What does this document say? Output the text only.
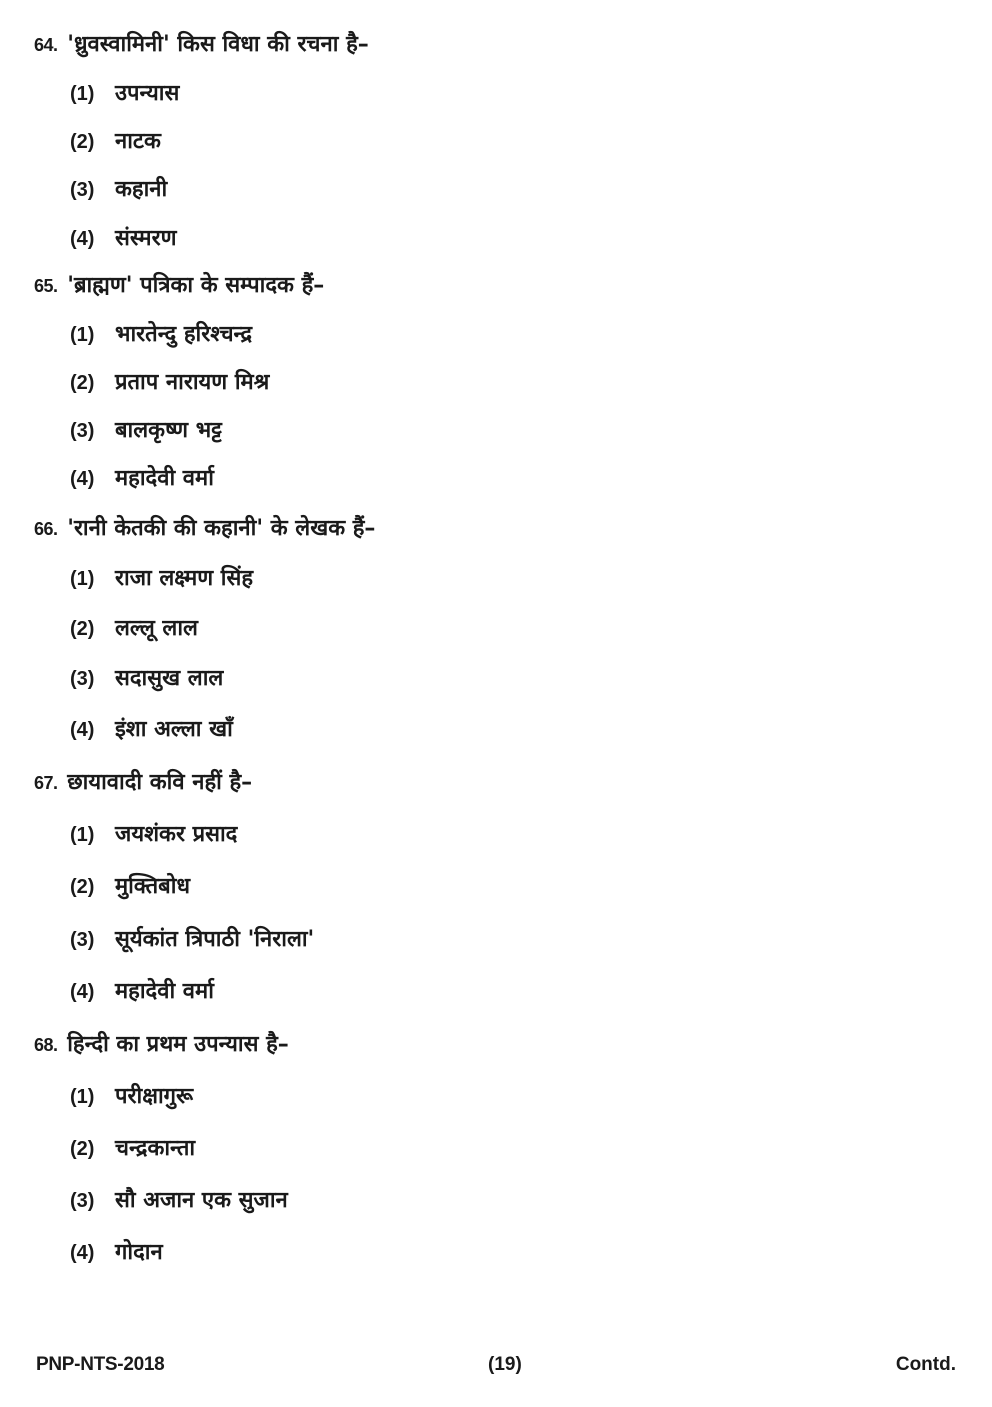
64. 'ध्रुवस्वामिनी' किस विधा की रचना है–
(1) उपन्यास
(2) नाटक
(3) कहानी
(4) संस्मरण
65. 'ब्राह्मण' पत्रिका के सम्पादक हैं–
(1) भारतेन्दु हरिश्चन्द्र
(2) प्रताप नारायण मिश्र
(3) बालकृष्ण भट्ट
(4) महादेवी वर्मा
66. 'रानी केतकी की कहानी' के लेखक हैं–
(1) राजा लक्ष्मण सिंह
(2) लल्लू लाल
(3) सदासुख लाल
(4) इंशा अल्ला खाँ
67. छायावादी कवि नहीं है–
(1) जयशंकर प्रसाद
(2) मुक्तिबोध
(3) सूर्यकांत त्रिपाठी 'निराला'
(4) महादेवी वर्मा
68. हिन्दी का प्रथम उपन्यास है–
(1) परीक्षागुरू
(2) चन्द्रकान्ता
(3) सौ अजान एक सुजान
(4) गोदान
PNP-NTS-2018	(19)	Contd.
